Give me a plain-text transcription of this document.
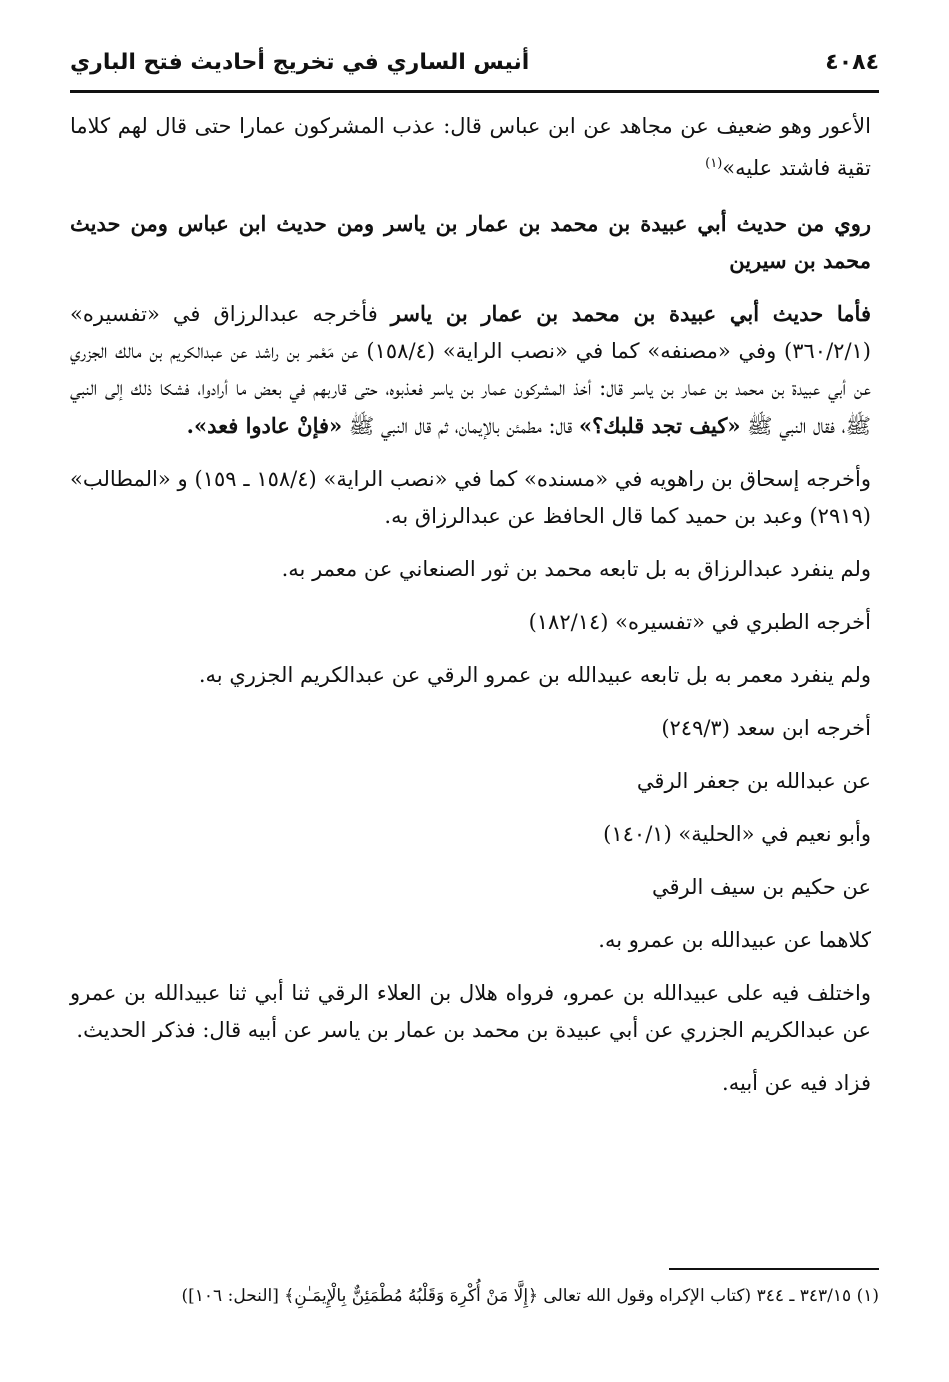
٤٠٨٤
أنيس الساري في تخريج أحاديث فتح الباري

الأعور وهو ضعيف عن مجاهد عن ابن عباس قال: عذب المشركون عمارا حتى قال لهم كلاما تقية فاشتد عليه»$^{(١)}$

روي من حديث أبي عبيدة بن محمد بن عمار بن ياسر ومن حديث ابن عباس ومن حديث محمد بن سيرين

فأما حديث أبي عبيدة بن محمد بن عمار بن ياسر فأخرجه عبدالرزاق في «تفسيره» (٣٦٠/٢/١) وفي «مصنفه» كما في «نصب الراية» (١٥٨/٤) عن مَعْمر بن راشد عن عبدالكريم بن مالك الجزري عن أبي عبيدة بن محمد بن عمار بن ياسر قال: أخذ المشركون عمار بن ياسر فعذبوه، حتى قاربهم في بعض ما أرادوا، فشكا ذلك إلى النبي ﷺ، فقال النبي ﷺ «كيف تجد قلبك؟» قال: مطمئن بالإيمان، ثم قال النبي ﷺ «فإنْ عادوا فعد».

وأخرجه إسحاق بن راهويه في «مسنده» كما في «نصب الراية» (١٥٨/٤ ـ ١٥٩) و «المطالب» (٢٩١٩) وعبد بن حميد كما قال الحافظ عن عبدالرزاق به.

ولم ينفرد عبدالرزاق به بل تابعه محمد بن ثور الصنعاني عن معمر به.

أخرجه الطبري في «تفسيره» (١٨٢/١٤)

ولم ينفرد معمر به بل تابعه عبيدالله بن عمرو الرقي عن عبدالكريم الجزري به.

أخرجه ابن سعد (٢٤٩/٣)

عن عبدالله بن جعفر الرقي

وأبو نعيم في «الحلية» (١٤٠/١)

عن حكيم بن سيف الرقي

كلاهما عن عبيدالله بن عمرو به.

واختلف فيه على عبيدالله بن عمرو، فرواه هلال بن العلاء الرقي ثنا أبي ثنا عبيدالله بن عمرو عن عبدالكريم الجزري عن أبي عبيدة بن محمد بن عمار بن ياسر عن أبيه قال: فذكر الحديث.

فزاد فيه عن أبيه.

(١) ٣٤٣/١٥ ـ ٣٤٤ (كتاب الإكراه وقول الله تعالى ﴿إِلَّا مَنْ أُكْرِهَ وَقَلْبُهُ مُطْمَئِنٌّ بِالْإِيمَـٰنِ﴾ [النحل: ١٠٦])
